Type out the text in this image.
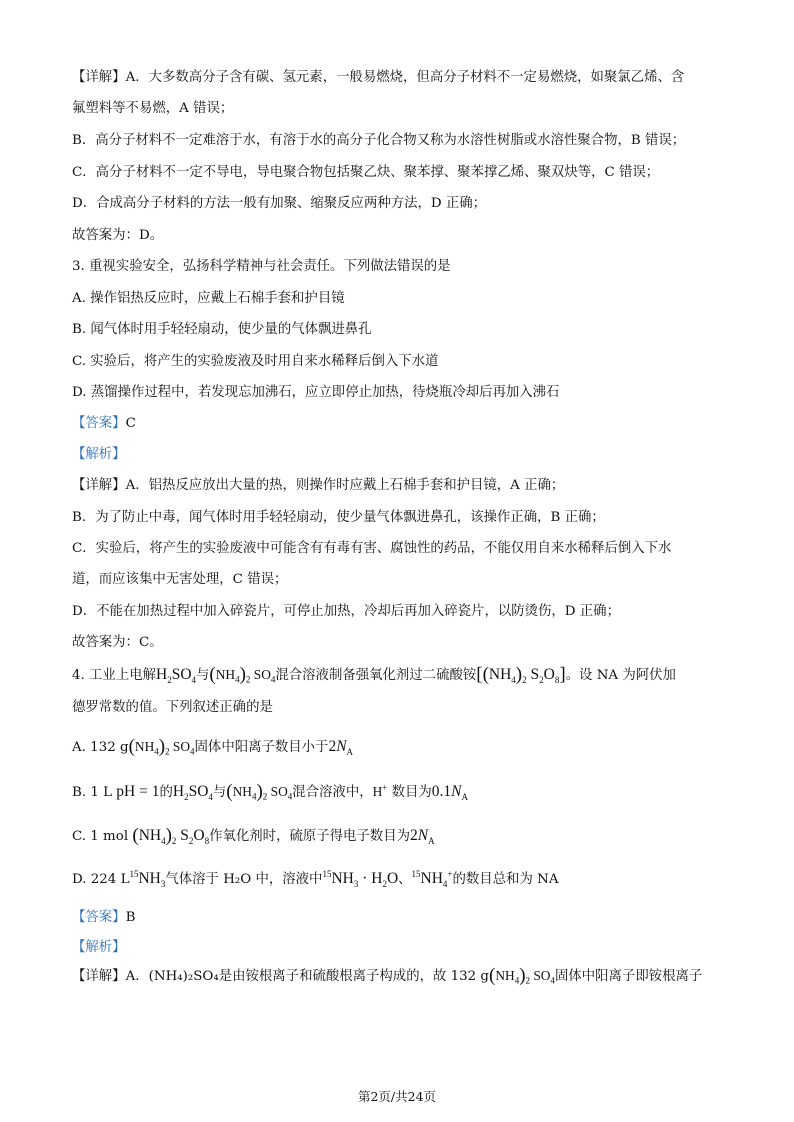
【详解】A．大多数高分子含有碳、氢元素，一般易燃烧，但高分子材料不一定易燃烧，如聚氯乙烯、含
氟塑料等不易燃，A 错误；
B．高分子材料不一定难溶于水，有溶于水的高分子化合物又称为水溶性树脂或水溶性聚合物，B 错误；
C．高分子材料不一定不导电，导电聚合物包括聚乙炔、聚苯撑、聚苯撑乙烯、聚双炔等，C 错误；
D．合成高分子材料的方法一般有加聚、缩聚反应两种方法，D 正确；
故答案为：D。
3. 重视实验安全，弘扬科学精神与社会责任。下列做法错误的是
A. 操作铝热反应时，应戴上石棉手套和护目镜
B. 闻气体时用手轻轻扇动，使少量的气体飘进鼻孔
C. 实验后，将产生的实验废液及时用自来水稀释后倒入下水道
D. 蒸馏操作过程中，若发现忘加沸石，应立即停止加热，待烧瓶冷却后再加入沸石
【答案】C
【解析】
【详解】A．铝热反应放出大量的热，则操作时应戴上石棉手套和护目镜，A 正确；
B．为了防止中毒，闻气体时用手轻轻扇动，使少量气体飘进鼻孔，该操作正确，B 正确；
C．实验后，将产生的实验废液中可能含有有毒有害、腐蚀性的药品，不能仅用自来水稀释后倒入下水
道，而应该集中无害处理，C 错误；
D．不能在加热过程中加入碎瓷片，可停止加热，冷却后再加入碎瓷片，以防烫伤，D 正确；
故答案为：C。
4. 工业上电解$H_2SO_4$与$(NH_4)_2$ $SO_4$混合溶液制备强氧化剂过二硫酸铵[$(NH_4)_2$ $S_2O_8$]。设 NA 为阿伏加
德罗常数的值。下列叙述正确的是
A. 132 $g(NH_4)_2$ $SO_4$固体中阳离子数目小于$2N_A$
B. 1 L pH = 1的$H_2SO_4$与$(NH_4)_2$ $SO_4$混合溶液中，H+ 数目为$0.1N_A$
C. 1 mol $(NH_4)_2$ $S_2O_8$作氧化剂时，硫原子得电子数目为$2N_A$
D. 224 $L^{15}NH_3$气体溶于 H₂O 中，溶液中$^{15}NH_3 \cdot H_2O$、$^{15}NH_4^+$的数目总和为 NA
【答案】B
【解析】
【详解】A．(NH₄)₂SO₄是由铵根离子和硫酸根离子构成的，故 132 $g(NH_4)_2$ $SO_4$固体中阳离子即铵根离子
第2页/共24页
